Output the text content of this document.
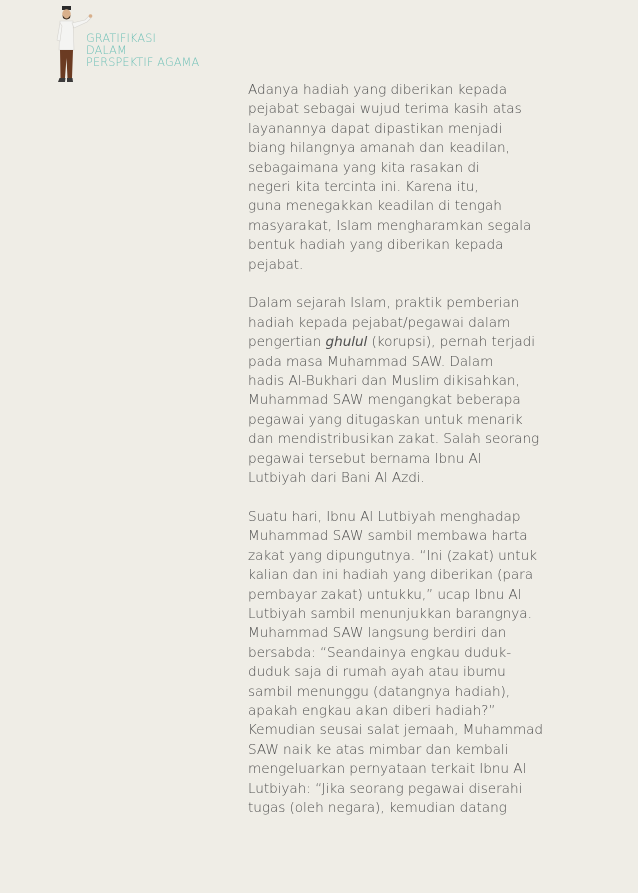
GRATIFIKASI
DALAM
PERSPEKTIF AGAMA
Adanya hadiah yang diberikan kepada
pejabat sebagai wujud terima kasih atas
layanannya dapat dipastikan menjadi
biang hilangnya amanah dan keadilan,
sebagaimana yang kita rasakan di
negeri kita tercinta ini. Karena itu,
guna menegakkan keadilan di tengah
masyarakat, Islam mengharamkan segala
bentuk hadiah yang diberikan kepada
pejabat.
Dalam sejarah Islam, praktik pemberian
hadiah kepada pejabat/pegawai dalam
pengertian ghulul (korupsi), pernah terjadi
pada masa Muhammad SAW. Dalam
hadis Al-Bukhari dan Muslim dikisahkan,
Muhammad SAW mengangkat beberapa
pegawai yang ditugaskan untuk menarik
dan mendistribusikan zakat. Salah seorang
pegawai tersebut bernama Ibnu Al
Lutbiyah dari Bani Al Azdi.
Suatu hari, Ibnu Al Lutbiyah menghadap
Muhammad SAW sambil membawa harta
zakat yang dipungutnya. “Ini (zakat) untuk
kalian dan ini hadiah yang diberikan (para
pembayar zakat) untukku,” ucap Ibnu Al
Lutbiyah sambil menunjukkan barangnya.
Muhammad SAW langsung berdiri dan
bersabda: “Seandainya engkau duduk-
duduk saja di rumah ayah atau ibumu
sambil menunggu (datangnya hadiah),
apakah engkau akan diberi hadiah?”
Kemudian seusai salat jemaah, Muhammad
SAW naik ke atas mimbar dan kembali
mengeluarkan pernyataan terkait Ibnu Al
Lutbiyah: “Jika seorang pegawai diserahi
tugas (oleh negara), kemudian datang
